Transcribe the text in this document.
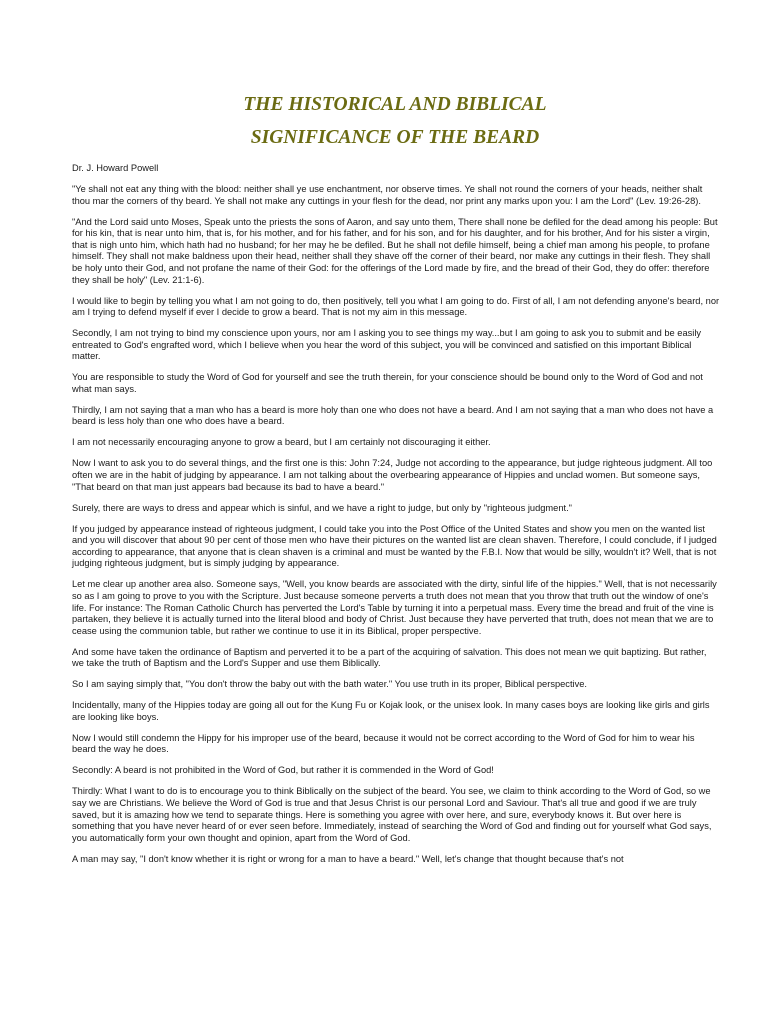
THE HISTORICAL AND BIBLICAL
SIGNIFICANCE OF THE BEARD

Dr. J. Howard Powell

"Ye shall not eat any thing with the blood: neither shall ye use enchantment, nor observe times. Ye shall not round the corners of your heads, neither shalt thou mar the corners of thy beard. Ye shall not make any cuttings in your flesh for the dead, nor print any marks upon you: I am the Lord" (Lev. 19:26-28).

"And the Lord said unto Moses, Speak unto the priests the sons of Aaron, and say unto them, There shall none be defiled for the dead among his people: But for his kin, that is near unto him, that is, for his mother, and for his father, and for his son, and for his daughter, and for his brother, And for his sister a virgin, that is nigh unto him, which hath had no husband; for her may he be defiled. But he shall not defile himself, being a chief man among his people, to profane himself. They shall not make baldness upon their head, neither shall they shave off the corner of their beard, nor make any cuttings in their flesh. They shall be holy unto their God, and not profane the name of their God: for the offerings of the Lord made by fire, and the bread of their God, they do offer: therefore they shall be holy" (Lev. 21:1-6).

I would like to begin by telling you what I am not going to do, then positively, tell you what I am going to do. First of all, I am not defending anyone's beard, nor am I trying to defend myself if ever I decide to grow a beard. That is not my aim in this message.

Secondly, I am not trying to bind my conscience upon yours, nor am I asking you to see things my way...but I am going to ask you to submit and be easily entreated to God's engrafted word, which I believe when you hear the word of this subject, you will be convinced and satisfied on this important Biblical matter.

You are responsible to study the Word of God for yourself and see the truth therein, for your conscience should be bound only to the Word of God and not what man says.

Thirdly, I am not saying that a man who has a beard is more holy than one who does not have a beard. And I am not saying that a man who does not have a beard is less holy than one who does have a beard.

I am not necessarily encouraging anyone to grow a beard, but I am certainly not discouraging it either.

Now I want to ask you to do several things, and the first one is this: John 7:24, Judge not according to the appearance, but judge righteous judgment. All too often we are in the habit of judging by appearance. I am not talking about the overbearing appearance of Hippies and unclad women. But someone says, "That beard on that man just appears bad because its bad to have a beard."

Surely, there are ways to dress and appear which is sinful, and we have a right to judge, but only by "righteous judgment."

If you judged by appearance instead of righteous judgment, I could take you into the Post Office of the United States and show you men on the wanted list and you will discover that about 90 per cent of those men who have their pictures on the wanted list are clean shaven. Therefore, I could conclude, if I judged according to appearance, that anyone that is clean shaven is a criminal and must be wanted by the F.B.I. Now that would be silly, wouldn't it? Well, that is not judging righteous judgment, but is simply judging by appearance.

Let me clear up another area also. Someone says, "Well, you know beards are associated with the dirty, sinful life of the hippies." Well, that is not necessarily so as I am going to prove to you with the Scripture. Just because someone perverts a truth does not mean that you throw that truth out the window of one's life. For instance: The Roman Catholic Church has perverted the Lord's Table by turning it into a perpetual mass. Every time the bread and fruit of the vine is partaken, they believe it is actually turned into the literal blood and body of Christ. Just because they have perverted that truth, does not mean that we are to cease using the communion table, but rather we continue to use it in its Biblical, proper perspective.

And some have taken the ordinance of Baptism and perverted it to be a part of the acquiring of salvation. This does not mean we quit baptizing. But rather, we take the truth of Baptism and the Lord's Supper and use them Biblically.

So I am saying simply that, "You don't throw the baby out with the bath water." You use truth in its proper, Biblical perspective.

Incidentally, many of the Hippies today are going all out for the Kung Fu or Kojak look, or the unisex look. In many cases boys are looking like girls and girls are looking like boys.

Now I would still condemn the Hippy for his improper use of the beard, because it would not be correct according to the Word of God for him to wear his beard the way he does.

Secondly: A beard is not prohibited in the Word of God, but rather it is commended in the Word of God!

Thirdly: What I want to do is to encourage you to think Biblically on the subject of the beard. You see, we claim to think according to the Word of God, so we say we are Christians. We believe the Word of God is true and that Jesus Christ is our personal Lord and Saviour. That's all true and good if we are truly saved, but it is amazing how we tend to separate things. Here is something you agree with over here, and sure, everybody knows it. But over here is something that you have never heard of or ever seen before. Immediately, instead of searching the Word of God and finding out for yourself what God says, you automatically form your own thought and opinion, apart from the Word of God.

A man may say, "I don't know whether it is right or wrong for a man to have a beard." Well, let's change that thought because that's not
